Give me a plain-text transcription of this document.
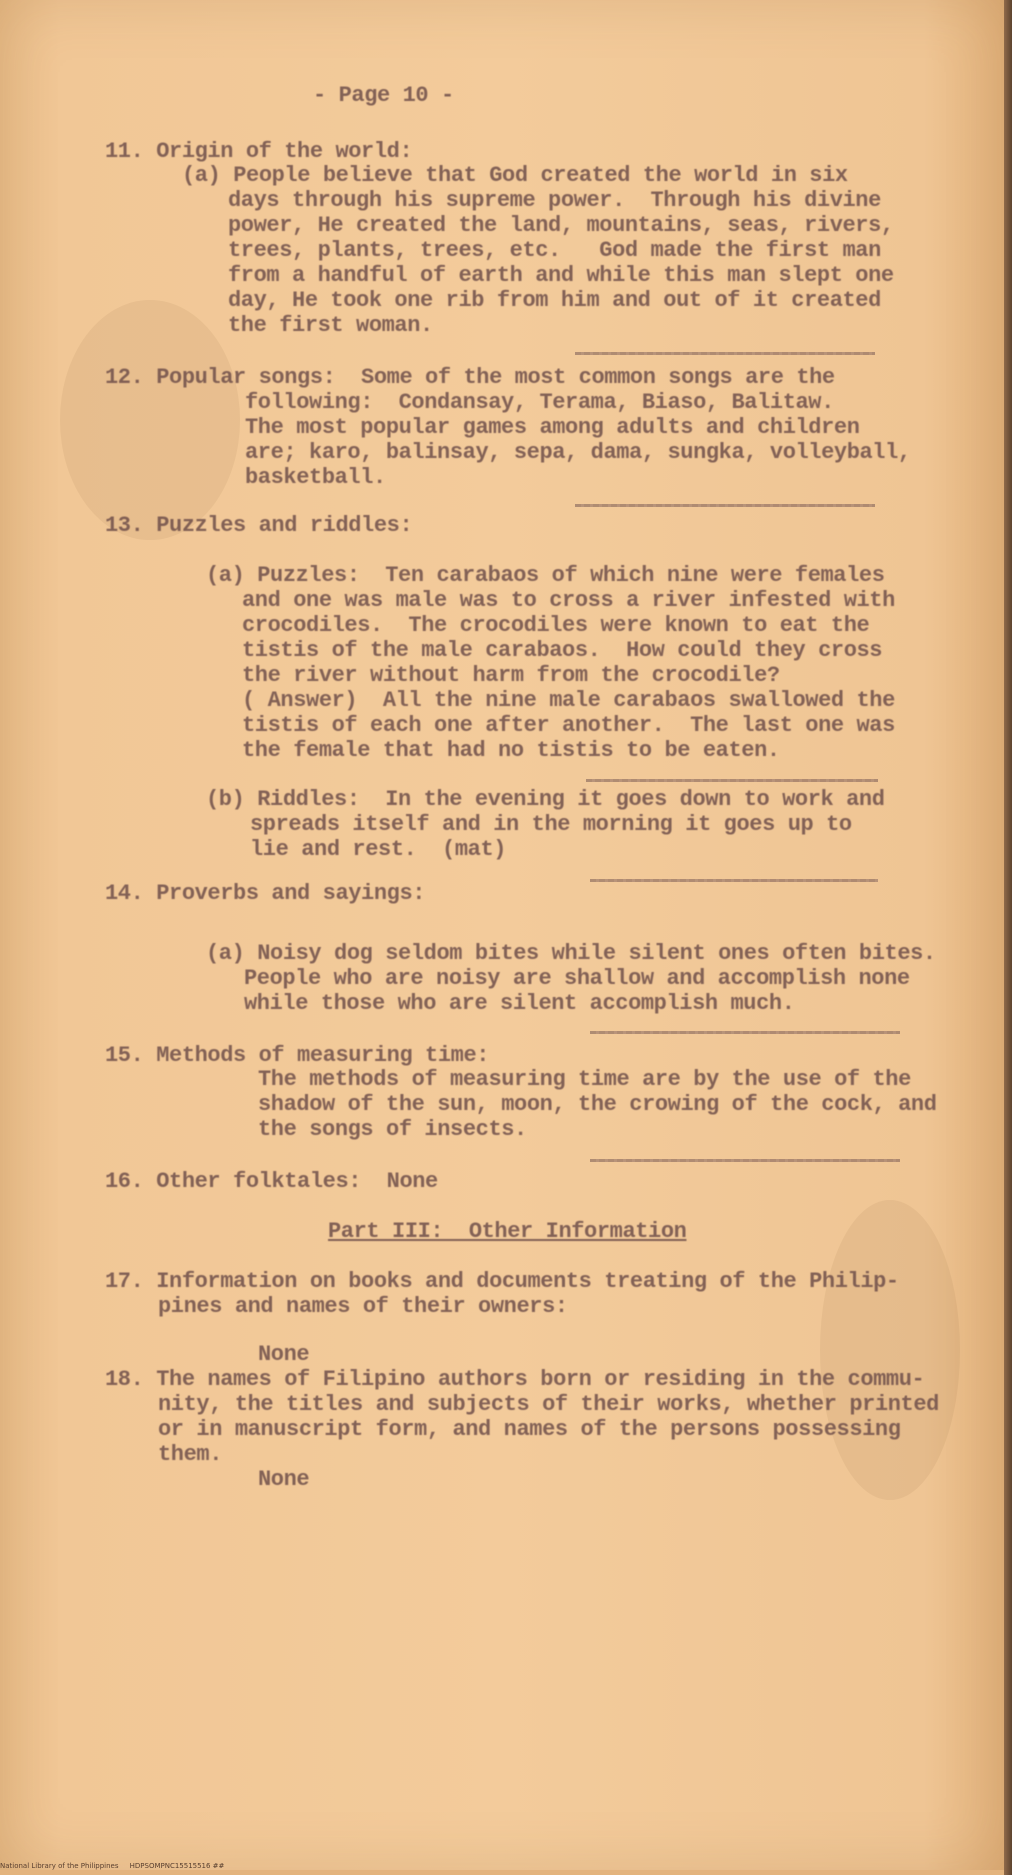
- Page 10 -
11. Origin of the world:
(a) People believe that God created the world in six
days through his supreme power.  Through his divine
power, He created the land, mountains, seas, rivers,
trees, plants, trees, etc.   God made the first man
from a handful of earth and while this man slept one
day, He took one rib from him and out of it created
the first woman.
12. Popular songs:  Some of the most common songs are the
following:  Condansay, Terama, Biaso, Balitaw.
The most popular games among adults and children
are; karo, balinsay, sepa, dama, sungka, volleyball,
basketball.
13. Puzzles and riddles:
(a) Puzzles:  Ten carabaos of which nine were females
and one was male was to cross a river infested with
crocodiles.  The crocodiles were known to eat the
tistis of the male carabaos.  How could they cross
the river without harm from the crocodile?
( Answer)  All the nine male carabaos swallowed the
tistis of each one after another.  The last one was
the female that had no tistis to be eaten.
(b) Riddles:  In the evening it goes down to work and
spreads itself and in the morning it goes up to
lie and rest.  (mat)
14. Proverbs and sayings:
(a) Noisy dog seldom bites while silent ones often bites.
People who are noisy are shallow and accomplish none
while those who are silent accomplish much.
15. Methods of measuring time:
The methods of measuring time are by the use of the
shadow of the sun, moon, the crowing of the cock, and
the songs of insects.
16. Other folktales:  None
Part III:  Other Information
17. Information on books and documents treating of the Philip-
pines and names of their owners:
None
18. The names of Filipino authors born or residing in the commu-
nity, the titles and subjects of their works, whether printed
or in manuscript form, and names of the persons possessing
them.
None
National Library of the Philippines     HDPSOMPNC15515516 ##
